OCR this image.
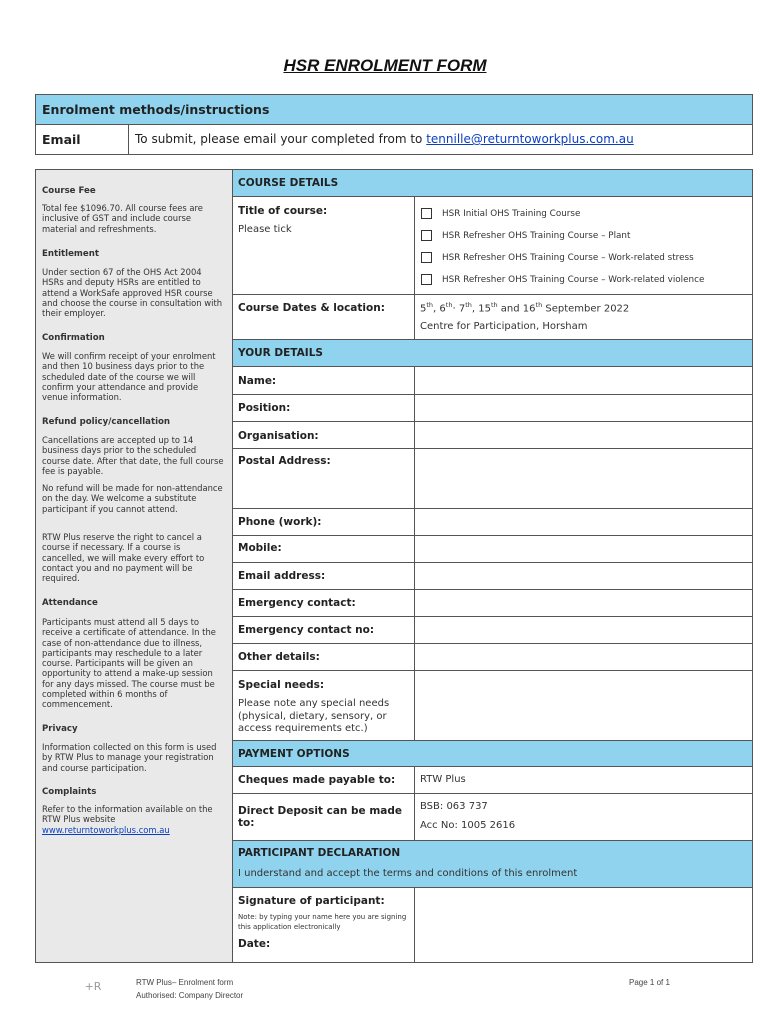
HSR ENROLMENT FORM
Enrolment methods/instructions
Email	To submit, please email your completed from to tennille@returntoworkplus.com.au
Course Fee
Total fee $1096.70. All course fees are inclusive of GST and include course material and refreshments.
Entitlement
Under section 67 of the OHS Act 2004 HSRs and deputy HSRs are entitled to attend a WorkSafe approved HSR course and choose the course in consultation with their employer.
Confirmation
We will confirm receipt of your enrolment and then 10 business days prior to the scheduled date of the course we will confirm your attendance and provide venue information.
Refund policy/cancellation
Cancellations are accepted up to 14 business days prior to the scheduled course date. After that date, the full course fee is payable.
No refund will be made for non-attendance on the day. We welcome a substitute participant if you cannot attend.
RTW Plus reserve the right to cancel a course if necessary. If a course is cancelled, we will make every effort to contact you and no payment will be required.
Attendance
Participants must attend all 5 days to receive a certificate of attendance. In the case of non-attendance due to illness, participants may reschedule to a later course. Participants will be given an opportunity to attend a make-up session for any days missed. The course must be completed within 6 months of commencement.
Privacy
Information collected on this form is used by RTW Plus to manage your registration and course participation.
Complaints
Refer to the information available on the RTW Plus website
www.returntoworkplus.com.au
COURSE DETAILS
Title of course:
Please tick
HSR Initial OHS Training Course
HSR Refresher OHS Training Course – Plant
HSR Refresher OHS Training Course – Work-related stress
HSR Refresher OHS Training Course – Work-related violence
Course Dates & location:	5th, 6th· 7th, 15th and 16th September 2022
Centre for Participation, Horsham
YOUR DETAILS
Name:
Position:
Organisation:
Postal Address:
Phone (work):
Mobile:
Email address:
Emergency contact:
Emergency contact no:
Other details:
Special needs:
Please note any special needs (physical, dietary, sensory, or access requirements etc.)
PAYMENT OPTIONS
Cheques made payable to: RTW Plus
Direct Deposit can be made to:
BSB: 063 737
Acc No: 1005 2616
PARTICIPANT DECLARATION
I understand and accept the terms and conditions of this enrolment
Signature of participant:
Note: by typing your name here you are signing this application electronically
Date:
+R	RTW Plus– Enrolment form
Authorised: Company Director
Page 1 of 1
